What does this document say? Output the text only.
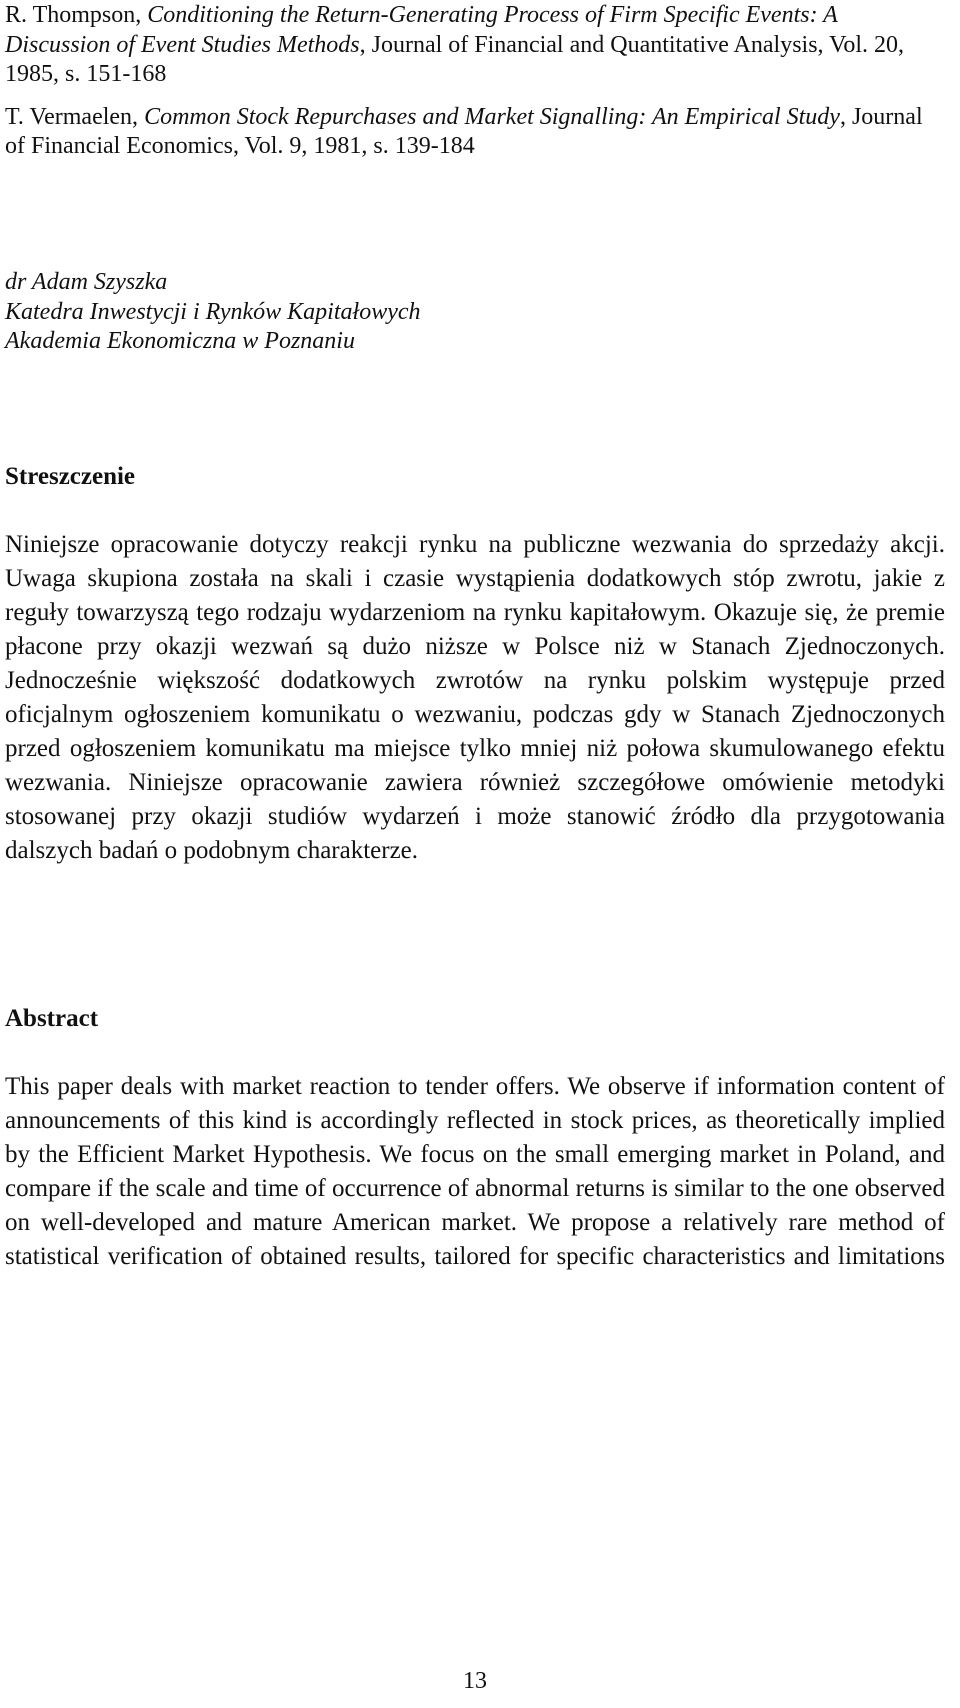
R. Thompson, Conditioning the Return-Generating Process of Firm Specific Events: A Discussion of Event Studies Methods, Journal of Financial and Quantitative Analysis, Vol. 20, 1985, s. 151-168
T. Vermaelen, Common Stock Repurchases and Market Signalling: An Empirical Study, Journal of Financial Economics, Vol. 9, 1981, s. 139-184
dr Adam Szyszka
Katedra Inwestycji i Rynków Kapitałowych
Akademia Ekonomiczna w Poznaniu
Streszczenie
Niniejsze opracowanie dotyczy reakcji rynku na publiczne wezwania do sprzedaży akcji. Uwaga skupiona została na skali i czasie wystąpienia dodatkowych stóp zwrotu, jakie z reguły towarzyszą tego rodzaju wydarzeniom na rynku kapitałowym. Okazuje się, że premie płacone przy okazji wezwań są dużo niższe w Polsce niż w Stanach Zjednoczonych. Jednocześnie większość dodatkowych zwrotów na rynku polskim występuje przed oficjalnym ogłoszeniem komunikatu o wezwaniu, podczas gdy w Stanach Zjednoczonych przed ogłoszeniem komunikatu ma miejsce tylko mniej niż połowa skumulowanego efektu wezwania. Niniejsze opracowanie zawiera również szczegółowe omówienie metodyki stosowanej przy okazji studiów wydarzeń i może stanowić źródło dla przygotowania dalszych badań o podobnym charakterze.
Abstract
This paper deals with market reaction to tender offers. We observe if information content of announcements of this kind is accordingly reflected in stock prices, as theoretically implied by the Efficient Market Hypothesis. We focus on the small emerging market in Poland, and compare if the scale and time of occurrence of abnormal returns is similar to the one observed on well-developed and mature American market. We propose a relatively rare method of statistical verification of obtained results, tailored for specific characteristics and limitations
13
